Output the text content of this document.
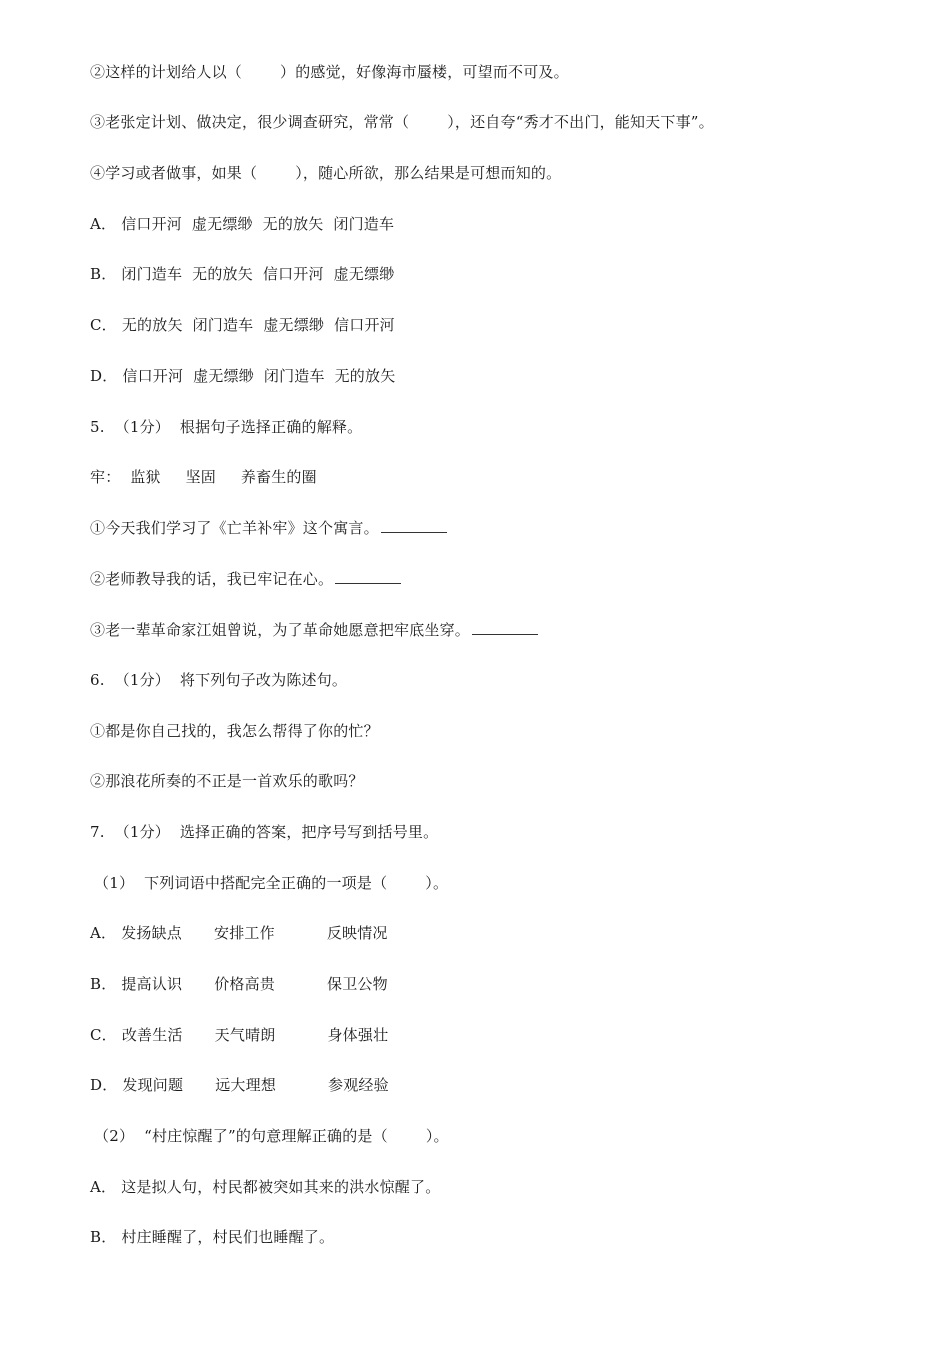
②这样的计划给人以（	）的感觉，好像海市蜃楼，可望而不可及。
③老张定计划、做决定，很少调查研究，常常（	），还自夸“秀才不出门，能知天下事”。
④学习或者做事，如果（	），随心所欲，那么结果是可想而知的。
A． 信口开河  虚无缥缈  无的放矢  闭门造车
B． 闭门造车  无的放矢  信口开河  虚无缥缈
C． 无的放矢  闭门造车  虚无缥缈  信口开河
D． 信口开河  虚无缥缈  闭门造车  无的放矢
5.  （1分）  根据句子选择正确的解释。
牢：  监狱     坚固     养畜生的圈
①今天我们学习了《亡羊补牢》这个寓言。
②老师教导我的话，我已牢记在心。
③老一辈革命家江姐曾说，为了革命她愿意把牢底坐穿。
6.  （1分）  将下列句子改为陈述句。
①都是你自己找的，我怎么帮得了你的忙？
②那浪花所奏的不正是一首欢乐的歌吗？
7.  （1分）  选择正确的答案，把序号写到括号里。
（1）  下列词语中搭配完全正确的一项是（	）。
A． 发扬缺点 安排工作	反映情况
B． 提高认识 价格高贵	保卫公物
C． 改善生活 天气晴朗	身体强壮
D． 发现问题 远大理想	参观经验
（2）  “村庄惊醒了”的句意理解正确的是（	）。
A． 这是拟人句，村民都被突如其来的洪水惊醒了。
B． 村庄睡醒了，村民们也睡醒了。
